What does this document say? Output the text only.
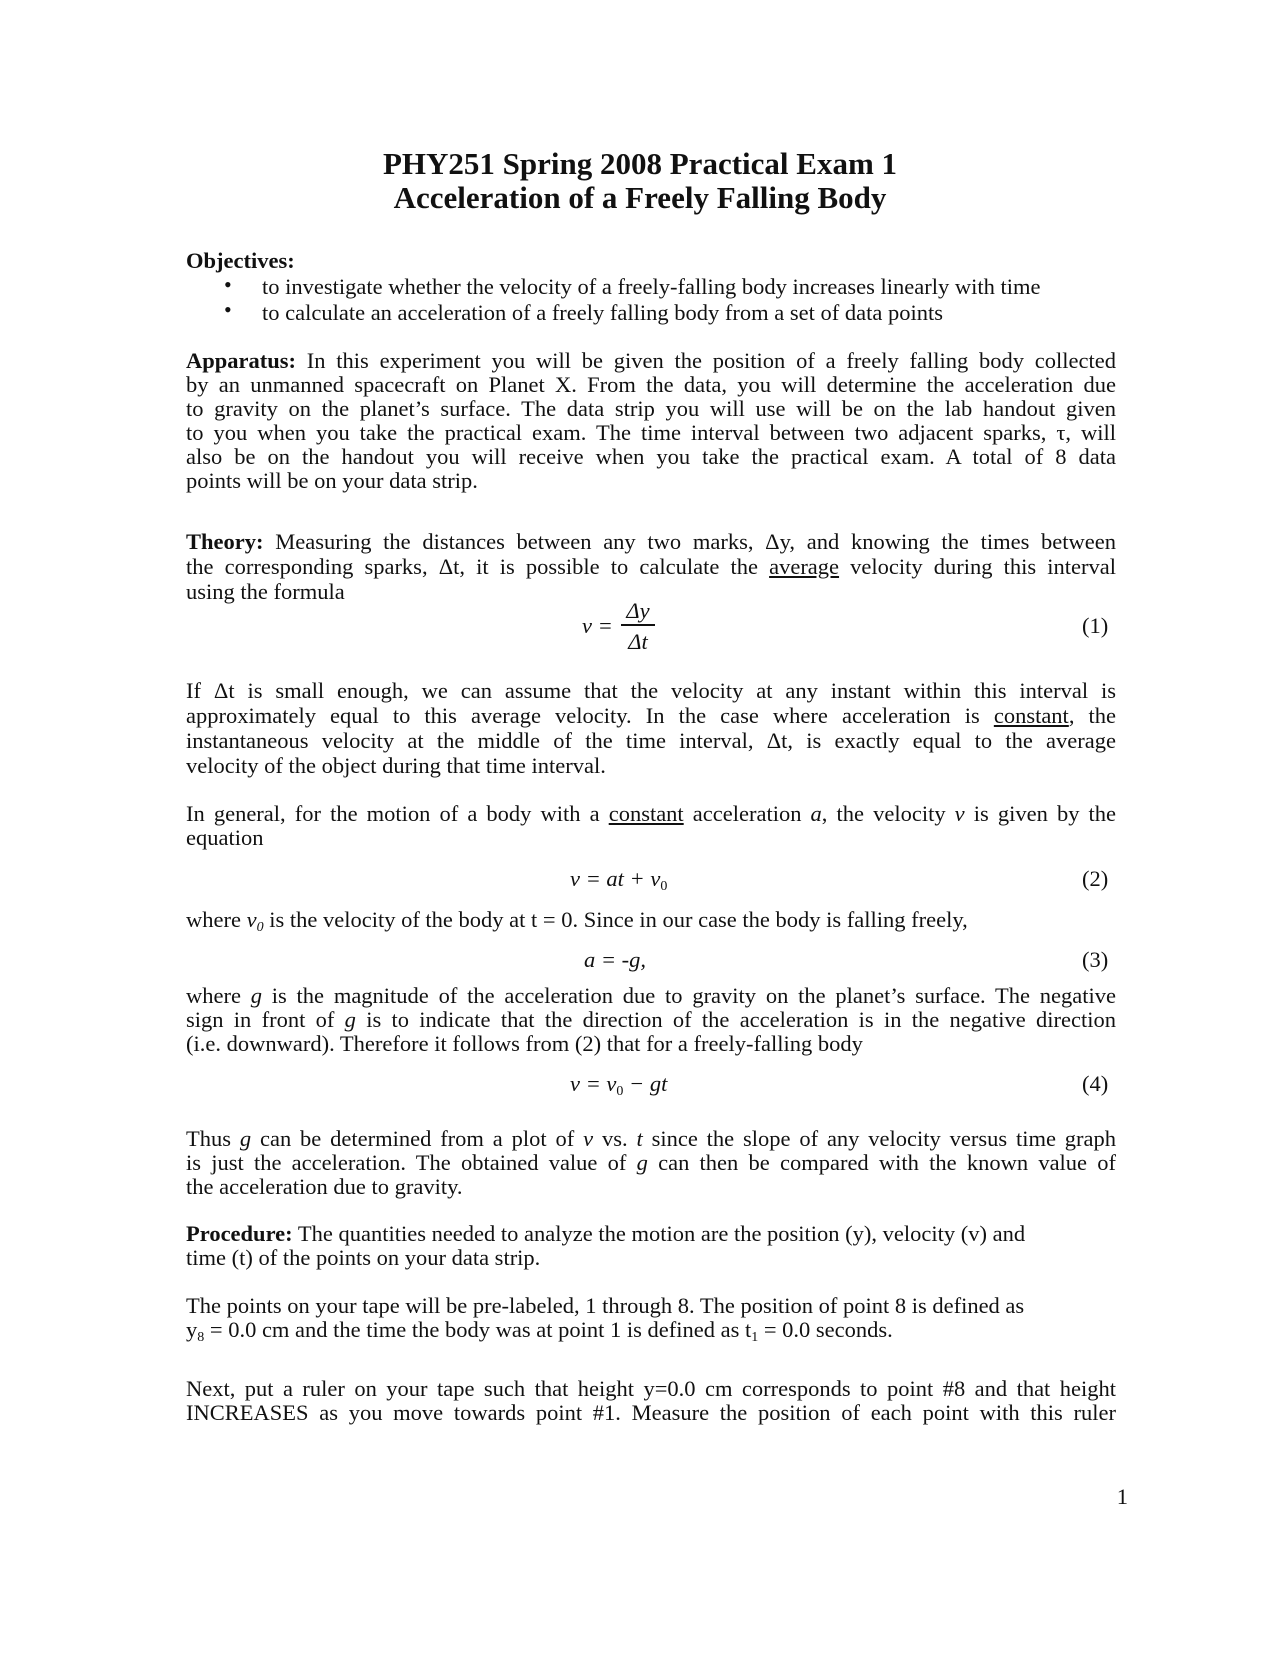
PHY251 Spring 2008 Practical Exam 1
Acceleration of a Freely Falling Body
Objectives:
• to investigate whether the velocity of a freely-falling body increases linearly with time
• to calculate an acceleration of a freely falling body from a set of data points
Apparatus: In this experiment you will be given the position of a freely falling body collected
by an unmanned spacecraft on Planet X. From the data, you will determine the acceleration due
to gravity on the planet’s surface. The data strip you will use will be on the lab handout given
to you when you take the practical exam. The time interval between two adjacent sparks, τ, will
also be on the handout you will receive when you take the practical exam. A total of 8 data
points will be on your data strip.
Theory: Measuring the distances between any two marks, Δy, and knowing the times between
the corresponding sparks, Δt, it is possible to calculate the average velocity during this interval
using the formula
v =
Δy
Δt
(1)
If Δt is small enough, we can assume that the velocity at any instant within this interval is
approximately equal to this average velocity. In the case where acceleration is constant, the
instantaneous velocity at the middle of the time interval, Δt, is exactly equal to the average
velocity of the object during that time interval.
In general, for the motion of a body with a constant acceleration a, the velocity v is given by the
equation
v = at + $v_0$	(2)
where $v_0$ is the velocity of the body at t = 0. Since in our case the body is falling freely,
a = -g,	(3)
where g is the magnitude of the acceleration due to gravity on the planet’s surface. The negative
sign in front of g is to indicate that the direction of the acceleration is in the negative direction
(i.e. downward). Therefore it follows from (2) that for a freely-falling body
$v = v_0$ − gt	(4)
Thus g can be determined from a plot of v vs. t since the slope of any velocity versus time graph
is just the acceleration. The obtained value of g can then be compared with the known value of
the acceleration due to gravity.
Procedure: The quantities needed to analyze the motion are the position (y), velocity (v) and
time (t) of the points on your data strip.
The points on your tape will be pre-labeled, 1 through 8. The position of point 8 is defined as
$y_8 = 0.0$ cm and the time the body was at point 1 is defined as $t_1 = 0.0$ seconds.
Next, put a ruler on your tape such that height y=0.0 cm corresponds to point #8 and that height
INCREASES as you move towards point #1. Measure the position of each point with this ruler
1
